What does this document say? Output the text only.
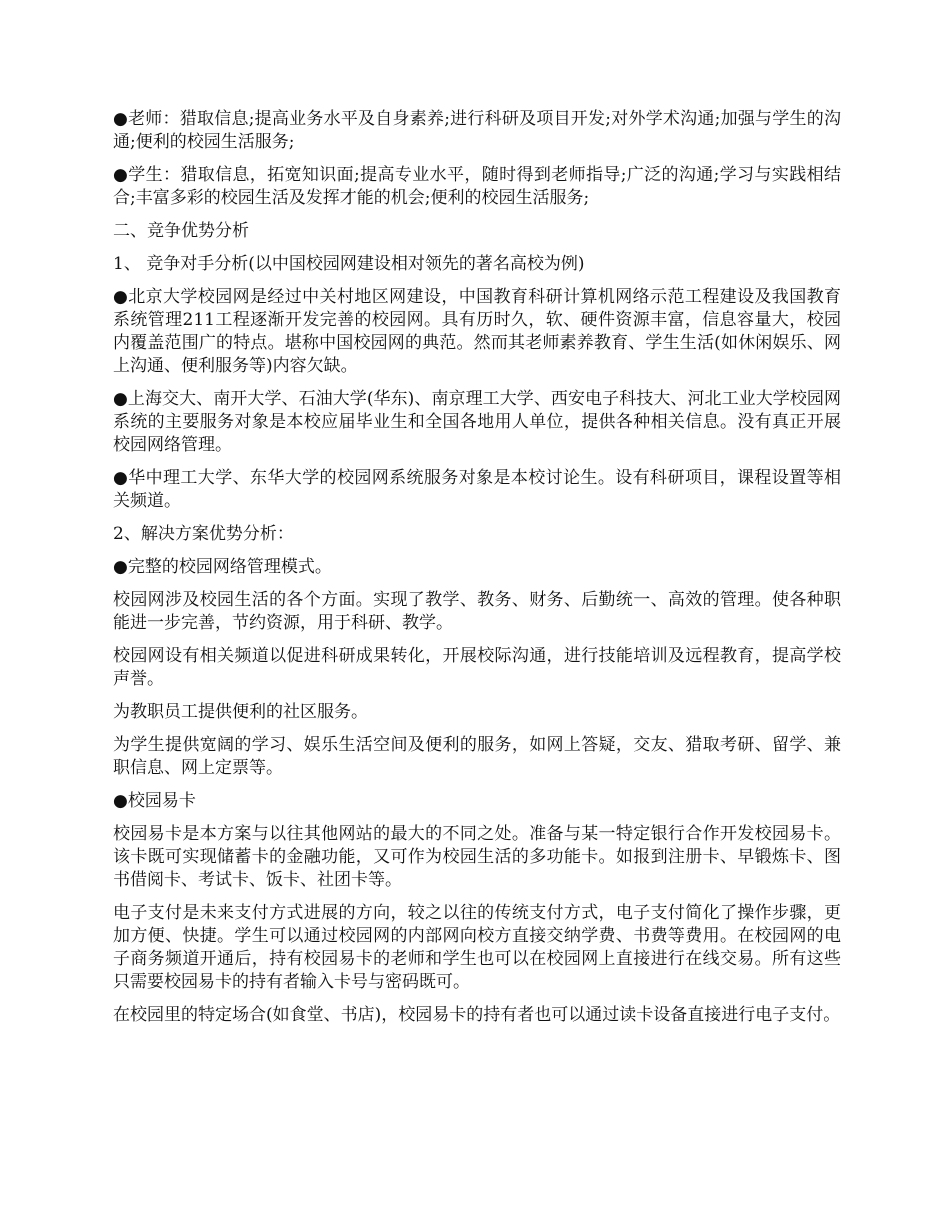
●老师：猎取信息;提高业务水平及自身素养;进行科研及项目开发;对外学术沟通;加强与学生的沟通;便利的校园生活服务;

●学生：猎取信息，拓宽知识面;提高专业水平，随时得到老师指导;广泛的沟通;学习与实践相结合;丰富多彩的校园生活及发挥才能的机会;便利的校园生活服务;

二、竞争优势分析

1、 竞争对手分析(以中国校园网建设相对领先的著名高校为例)

●北京大学校园网是经过中关村地区网建设，中国教育科研计算机网络示范工程建设及我国教育系统管理211工程逐渐开发完善的校园网。具有历时久，软、硬件资源丰富，信息容量大，校园内覆盖范围广的特点。堪称中国校园网的典范。然而其老师素养教育、学生生活(如休闲娱乐、网上沟通、便利服务等)内容欠缺。

●上海交大、南开大学、石油大学(华东)、南京理工大学、西安电子科技大、河北工业大学校园网系统的主要服务对象是本校应届毕业生和全国各地用人单位，提供各种相关信息。没有真正开展校园网络管理。

●华中理工大学、东华大学的校园网系统服务对象是本校讨论生。设有科研项目，课程设置等相关频道。

2、解决方案优势分析：

●完整的校园网络管理模式。

校园网涉及校园生活的各个方面。实现了教学、教务、财务、后勤统一、高效的管理。使各种职能进一步完善，节约资源，用于科研、教学。

校园网设有相关频道以促进科研成果转化，开展校际沟通，进行技能培训及远程教育，提高学校声誉。

为教职员工提供便利的社区服务。

为学生提供宽阔的学习、娱乐生活空间及便利的服务，如网上答疑，交友、猎取考研、留学、兼职信息、网上定票等。

●校园易卡

校园易卡是本方案与以往其他网站的最大的不同之处。准备与某一特定银行合作开发校园易卡。该卡既可实现储蓄卡的金融功能，又可作为校园生活的多功能卡。如报到注册卡、早锻炼卡、图书借阅卡、考试卡、饭卡、社团卡等。

电子支付是未来支付方式进展的方向，较之以往的传统支付方式，电子支付简化了操作步骤，更加方便、快捷。学生可以通过校园网的内部网向校方直接交纳学费、书费等费用。在校园网的电子商务频道开通后，持有校园易卡的老师和学生也可以在校园网上直接进行在线交易。所有这些只需要校园易卡的持有者输入卡号与密码既可。

在校园里的特定场合(如食堂、书店)，校园易卡的持有者也可以通过读卡设备直接进行电子支付。
